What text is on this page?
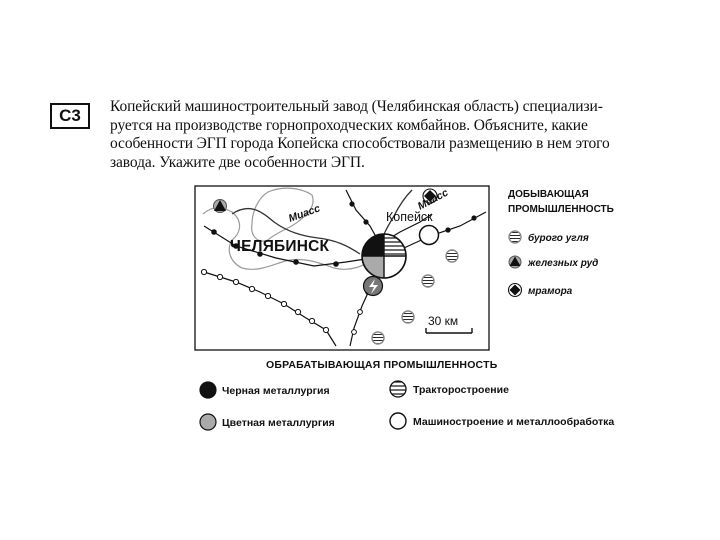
С3 Копейский машиностроительный завод (Челябинская область) специализи-
руется на производстве горнопроходческих комбайнов. Объясните, какие
особенности ЭГП города Копейска способствовали размещению в нем этого
завода. Укажите две особенности ЭГП.
ЧЕЛЯБИНСК
Копейск
Миасс
Миасс
30 км
ДОБЫВАЮЩАЯ
ПРОМЫШЛЕННОСТЬ
бурого угля
железных руд
мрамора
ОБРАБАТЫВАЮЩАЯ ПРОМЫШЛЕННОСТЬ
Черная металлургия	Тракторостроение
Цветная металлургия	Машиностроение и металлообработка
